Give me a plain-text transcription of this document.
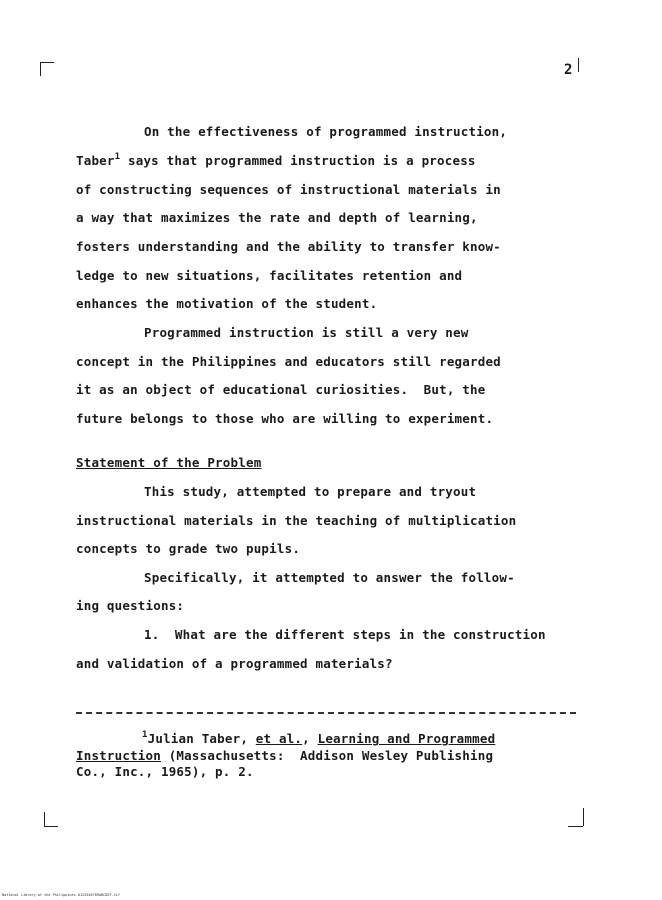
2
On the effectiveness of programmed instruction,
Taber$^1$ says that programmed instruction is a process
of constructing sequences of instructional materials in
a way that maximizes the rate and depth of learning,
fosters understanding and the ability to transfer know-
ledge to new situations, facilitates retention and
enhances the motivation of the student.
Programmed instruction is still a very new
concept in the Philippines and educators still regarded
it as an object of educational curiosities.  But, the
future belongs to those who are willing to experiment.
Statement of the Problem
This study, attempted to prepare and tryout
instructional materials in the teaching of multiplication
concepts to grade two pupils.
Specifically, it attempted to answer the follow-
ing questions:
1. What are the different steps in the construction
and validation of a programmed materials?
$^1$Julian Taber, et al., Learning and Programmed
Instruction (Massachusetts:  Addison Wesley Publishing
Co., Inc., 1965), p. 2.
National Library of the Philippines 0123456789ABCDEF.tif
